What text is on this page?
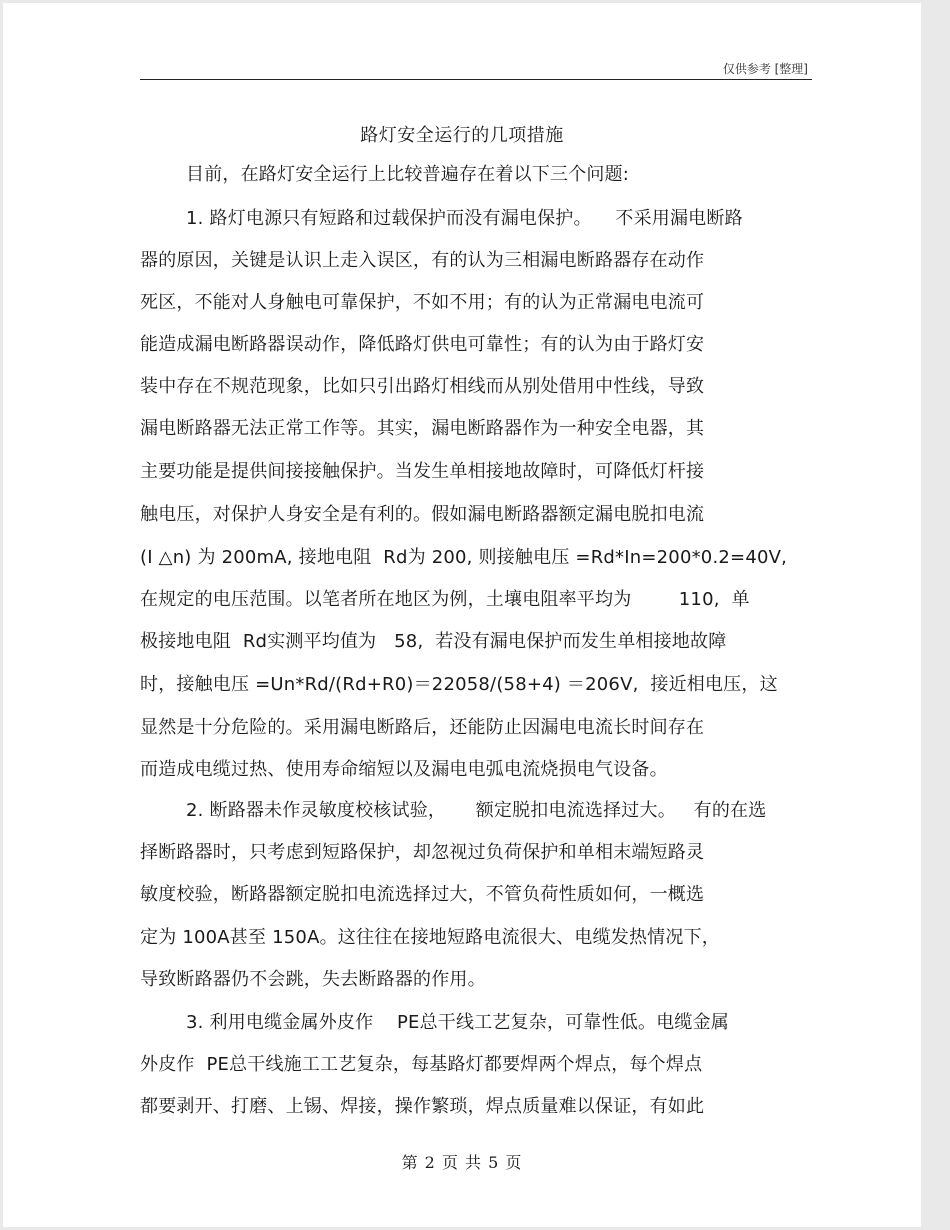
仅供参考 [整理]
路灯安全运行的几项措施
目前，在路灯安全运行上比较普遍存在着以下三个问题:
1. 路灯电源只有短路和过载保护而没有漏电保护。    不采用漏电断路
器的原因，关键是认识上走入误区，有的认为三相漏电断路器存在动作
死区，不能对人身触电可靠保护，不如不用；有的认为正常漏电电流可
能造成漏电断路器误动作，降低路灯供电可靠性；有的认为由于路灯安
装中存在不规范现象，比如只引出路灯相线而从别处借用中性线，导致
漏电断路器无法正常工作等。其实，漏电断路器作为一种安全电器，其
主要功能是提供间接接触保护。当发生单相接地故障时，可降低灯杆接
触电压，对保护人身安全是有利的。假如漏电断路器额定漏电脱扣电流
(I △n) 为 200mA, 接地电阻  Rd为 200, 则接触电压 =Rd*In=200*0.2=40V,
在规定的电压范围。以笔者所在地区为例，土壤电阻率平均为        110,  单
极接地电阻  Rd实测平均值为   58,  若没有漏电保护而发生单相接地故障
时，接触电压 =Un*Rd/(Rd+R0)＝22058/(58+4) ＝206V,  接近相电压，这
显然是十分危险的。采用漏电断路后，还能防止因漏电电流长时间存在
而造成电缆过热、使用寿命缩短以及漏电电弧电流烧损电气设备。
2. 断路器未作灵敏度校核试验，     额定脱扣电流选择过大。   有的在选
择断路器时，只考虑到短路保护，却忽视过负荷保护和单相末端短路灵
敏度校验，断路器额定脱扣电流选择过大，不管负荷性质如何，一概选
定为 100A甚至 150A。这往往在接地短路电流很大、电缆发热情况下，
导致断路器仍不会跳，失去断路器的作用。
3. 利用电缆金属外皮作    PE总干线工艺复杂，可靠性低。电缆金属
外皮作  PE总干线施工工艺复杂，每基路灯都要焊两个焊点，每个焊点
都要剥开、打磨、上锡、焊接，操作繁琐，焊点质量难以保证，有如此
第 2 页 共 5 页
